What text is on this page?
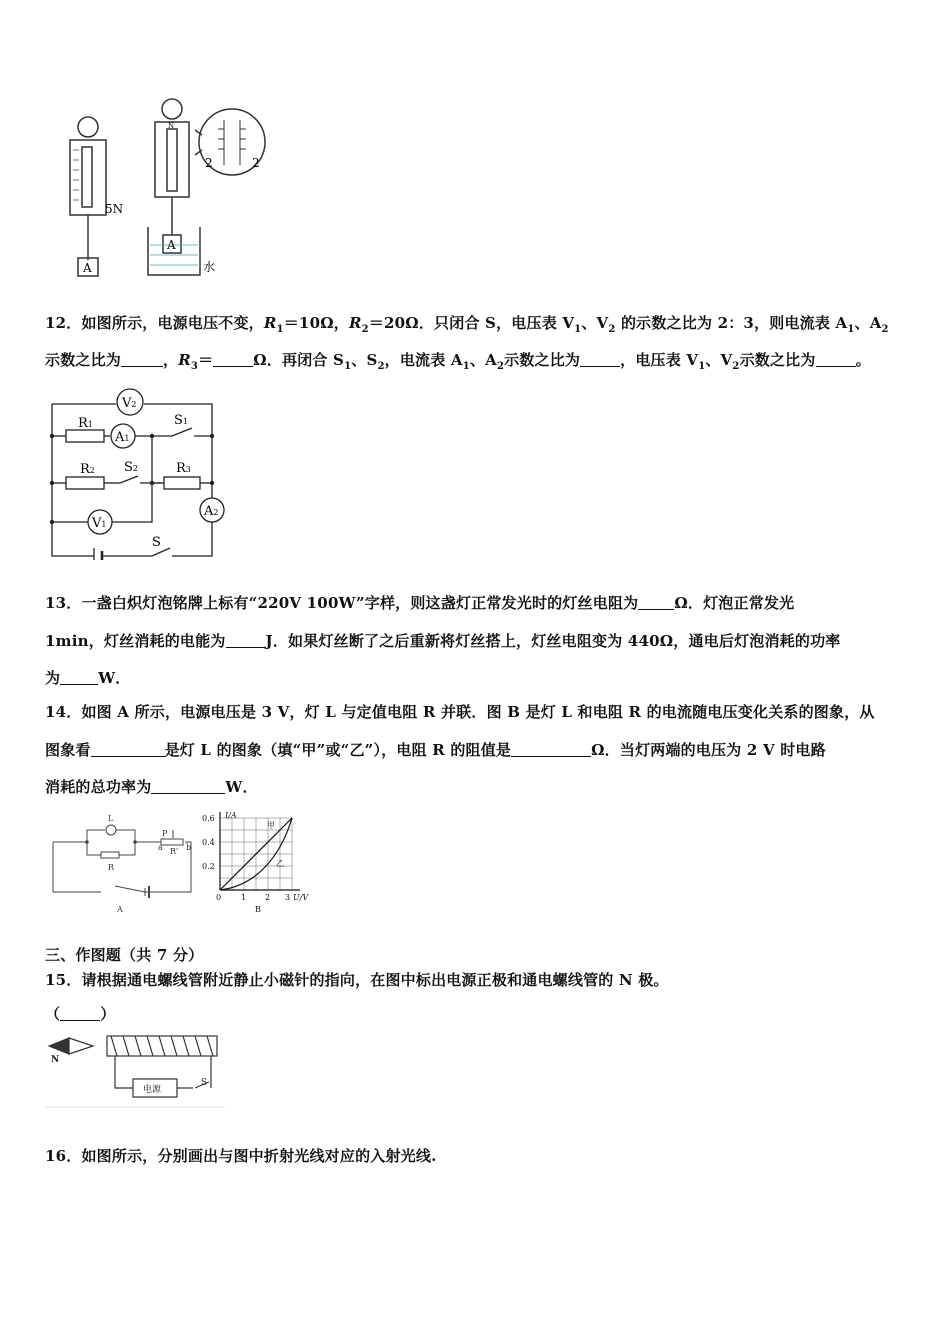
5N
A
2	2
N
A
水
12．如图所示，电源电压不变，$R_1=10\Omega$，$R_2=20\Omega$．只闭合 S，电压表 $V_1$、$V_2$ 的示数之比为 2：3，则电流表 $A_1$、$A_2$
示数之比为	，$R_3=$	Ω．再闭合 $S_1$、$S_2$，电流表 $A_1$、$A_2$示数之比为	，电压表 $V_1$、$V_2$示数之比为	。
V2
R1
A1
S1
R2 S2	R3
A2
V1
S
13．一盏白炽灯泡铭牌上标有“220V 100W”字样，则这盏灯正常发光时的灯丝电阻为 Ω．灯泡正常发光
1min，灯丝消耗的电能为	J．如果灯丝断了之后重新将灯丝搭上，灯丝电阻变为 440Ω，通电后灯泡消耗的功率
为	W．
14．如图 A 所示，电源电压是 3 V，灯 L 与定值电阻 R 并联．图 B 是灯 L 和电阻 R 的电流随电压变化关系的图象，从
图象看	是灯 L 的图象（填“甲”或“乙”），电阻 R 的阻值是	Ω．当灯两端的电压为 2 V 时电路
消耗的总功率为	W．
L
R
P
a R' b
A
I/A
0.6
0.4
0.2
0 1 2 3 U/V
甲
乙
B
三、作图题（共 7 分）
15．请根据通电螺线管附近静止小磁针的指向，在图中标出电源正极和通电螺线管的 N 极。
（	）
N
电源
S
16．如图所示，分别画出与图中折射光线对应的入射光线.
